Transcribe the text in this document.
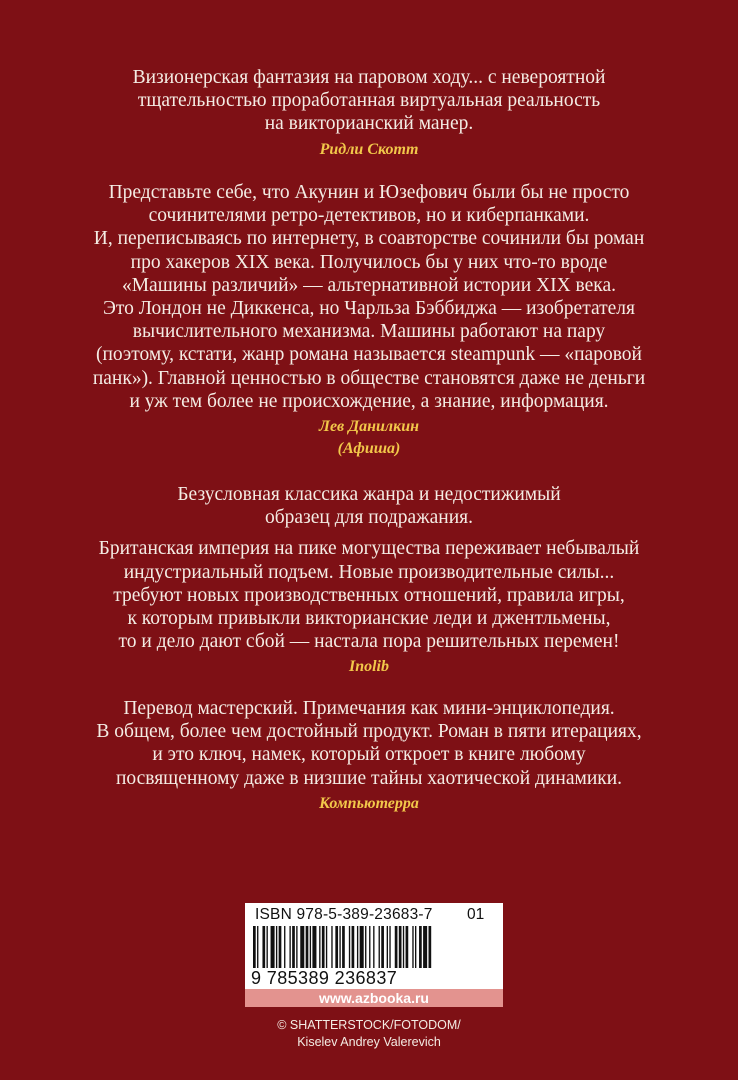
Визионерская фантазия на паровом ходу... с невероятной
тщательностью проработанная виртуальная реальность
на викторианский манер.
Ридли Скотт
Представьте себе, что Акунин и Юзефович были бы не просто
сочинителями ретро-детективов, но и киберпанками.
И, переписываясь по интернету, в соавторстве сочинили бы роман
про хакеров XIX века. Получилось бы у них что-то вроде
«Машины различий» — альтернативной истории XIX века.
Это Лондон не Диккенса, но Чарльза Бэббиджа — изобретателя
вычислительного механизма. Машины работают на пару
(поэтому, кстати, жанр романа называется steampunk — «паровой
панк»). Главной ценностью в обществе становятся даже не деньги
и уж тем более не происхождение, а знание, информация.
Лев Данилкин
(Афиша)
Безусловная классика жанра и недостижимый
образец для подражания.
Британская империя на пике могущества переживает небывалый
индустриальный подъем. Новые производительные силы...
требуют новых производственных отношений, правила игры,
к которым привыкли викторианские леди и джентльмены,
то и дело дают сбой — настала пора решительных перемен!
Inolib
Перевод мастерский. Примечания как мини-энциклопедия.
В общем, более чем достойный продукт. Роман в пяти итерациях,
и это ключ, намек, который откроет в книге любому
посвященному даже в низшие тайны хаотической динамики.
Компьютерра
ISBN 978-5-389-23683-7 01
9 785389 236837
www.azbooka.ru
© SHATTERSTOCK/FOTODOM/
Kiselev Andrey Valerevich
